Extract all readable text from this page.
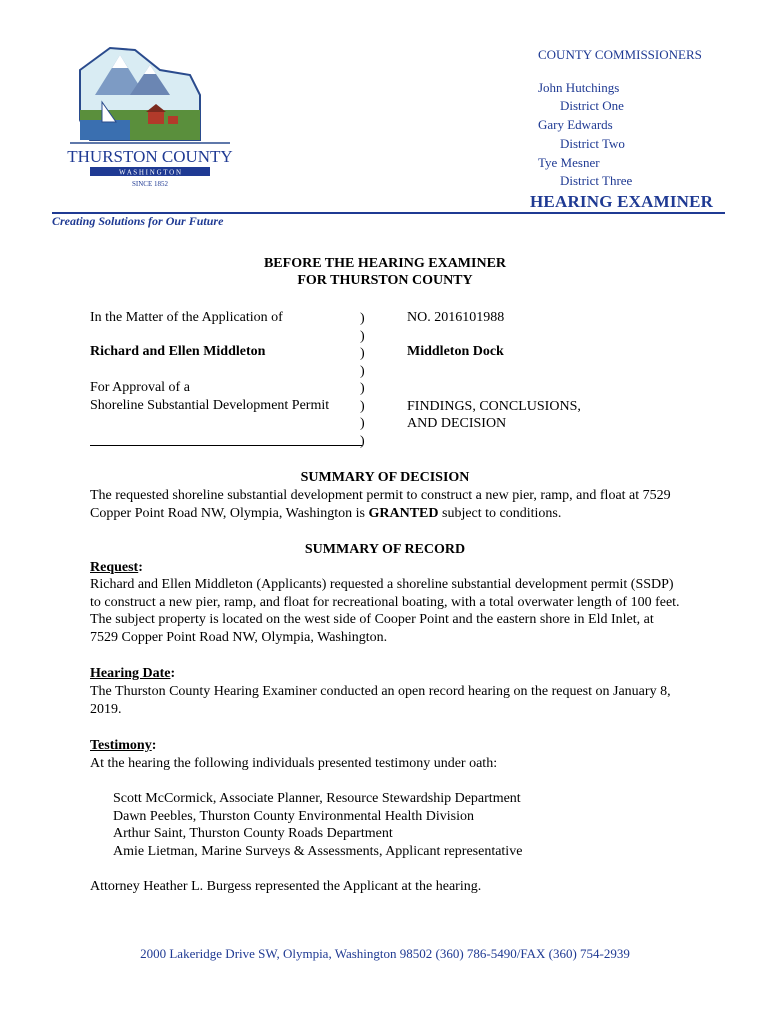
THURSTON COUNTY
W A S H I N G T O N
SINCE 1852
COUNTY COMMISSIONERS
John Hutchings
District One
Gary Edwards
District Two
Tye Mesner
District Three
HEARING EXAMINER
Creating Solutions for Our Future
BEFORE THE HEARING EXAMINER
FOR THURSTON COUNTY
In the Matter of the Application of
Richard and Ellen Middleton
For Approval of a
Shoreline Substantial Development Permit
)
)
)
)
)
)
)
)
NO. 2016101988
Middleton Dock
FINDINGS, CONCLUSIONS,
AND DECISION
SUMMARY OF DECISION
The requested shoreline substantial development permit to construct a new pier, ramp, and float at 7529 Copper Point Road NW, Olympia, Washington is GRANTED subject to conditions.
SUMMARY OF RECORD
Request:
Richard and Ellen Middleton (Applicants) requested a shoreline substantial development permit (SSDP) to construct a new pier, ramp, and float for recreational boating, with a total overwater length of 100 feet. The subject property is located on the west side of Cooper Point and the eastern shore in Eld Inlet, at 7529 Copper Point Road NW, Olympia, Washington.
Hearing Date:
The Thurston County Hearing Examiner conducted an open record hearing on the request on January 8, 2019.
Testimony:
At the hearing the following individuals presented testimony under oath:
Scott McCormick, Associate Planner, Resource Stewardship Department
Dawn Peebles, Thurston County Environmental Health Division
Arthur Saint, Thurston County Roads Department
Amie Lietman, Marine Surveys & Assessments, Applicant representative
Attorney Heather L. Burgess represented the Applicant at the hearing.
2000 Lakeridge Drive SW, Olympia, Washington 98502 (360) 786-5490/FAX (360) 754-2939
